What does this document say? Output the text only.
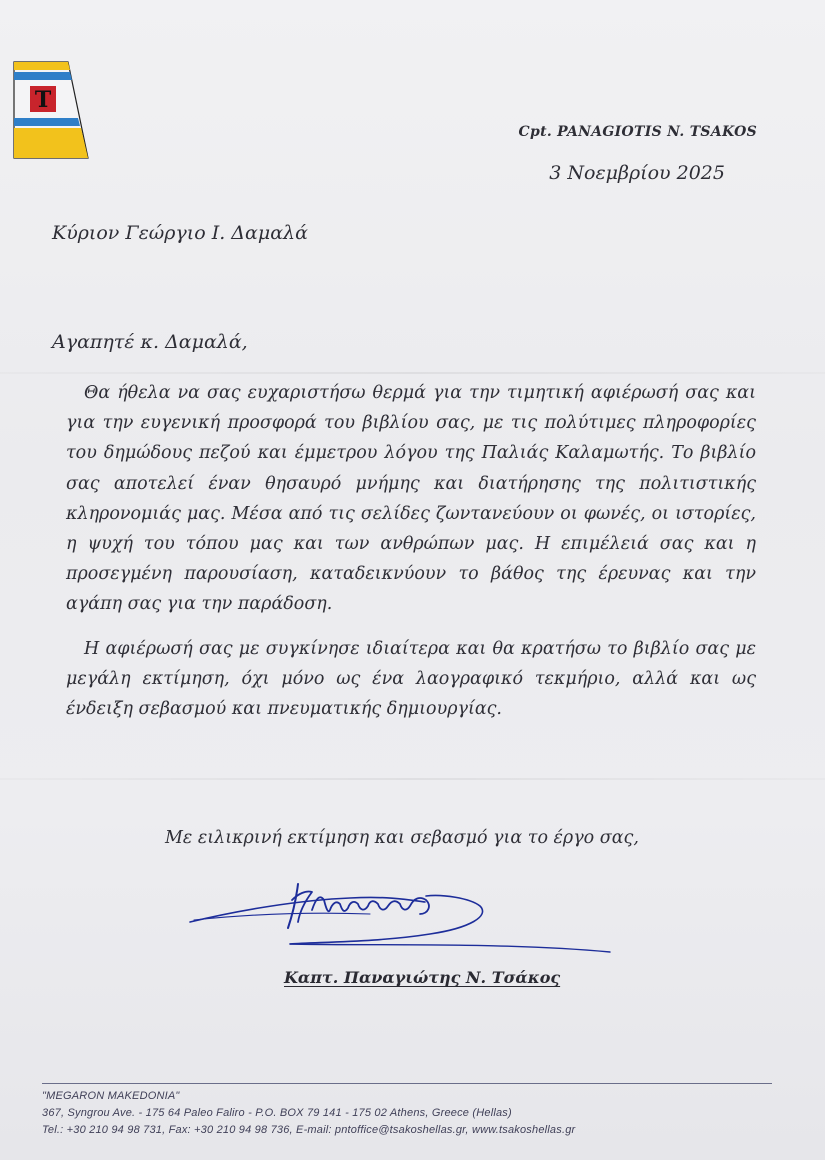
T
Cpt. PANAGIOTIS N. TSAKOS
3 Νοεμβρίου 2025
Κύριον Γεώργιο Ι. Δαμαλά
Αγαπητέ κ. Δαμαλά,

Θα ήθελα να σας ευχαριστήσω θερμά για την τιμητική αφιέρωσή σας και για την ευγενική προσφορά του βιβλίου σας, με τις πολύτιμες πληροφορίες του δημώδους πεζού και έμμετρου λόγου της Παλιάς Καλαμωτής. Το βιβλίο σας αποτελεί έναν θησαυρό μνήμης και διατήρησης της πολιτιστικής κληρονομιάς μας. Μέσα από τις σελίδες ζωντανεύουν οι φωνές, οι ιστορίες, η ψυχή του τόπου μας και των ανθρώπων μας. Η επιμέλειά σας και η προσεγμένη παρουσίαση, καταδεικνύουν το βάθος της έρευνας και την αγάπη σας για την παράδοση.

Η αφιέρωσή σας με συγκίνησε ιδιαίτερα και θα κρατήσω το βιβλίο σας με μεγάλη εκτίμηση, όχι μόνο ως ένα λαογραφικό τεκμήριο, αλλά και ως ένδειξη σεβασμού και πνευματικής δημιουργίας.

Με ειλικρινή εκτίμηση και σεβασμό για το έργο σας,
Καπτ. Παναγιώτης Ν. Τσάκος
"MEGARON MAKEDONIA"
367, Syngrou Ave. - 175 64 Paleo Faliro - P.O. BOX 79 141 - 175 02 Athens, Greece (Hellas)
Tel.: +30 210 94 98 731, Fax: +30 210 94 98 736, E-mail: pntoffice@tsakoshellas.gr, www.tsakoshellas.gr
